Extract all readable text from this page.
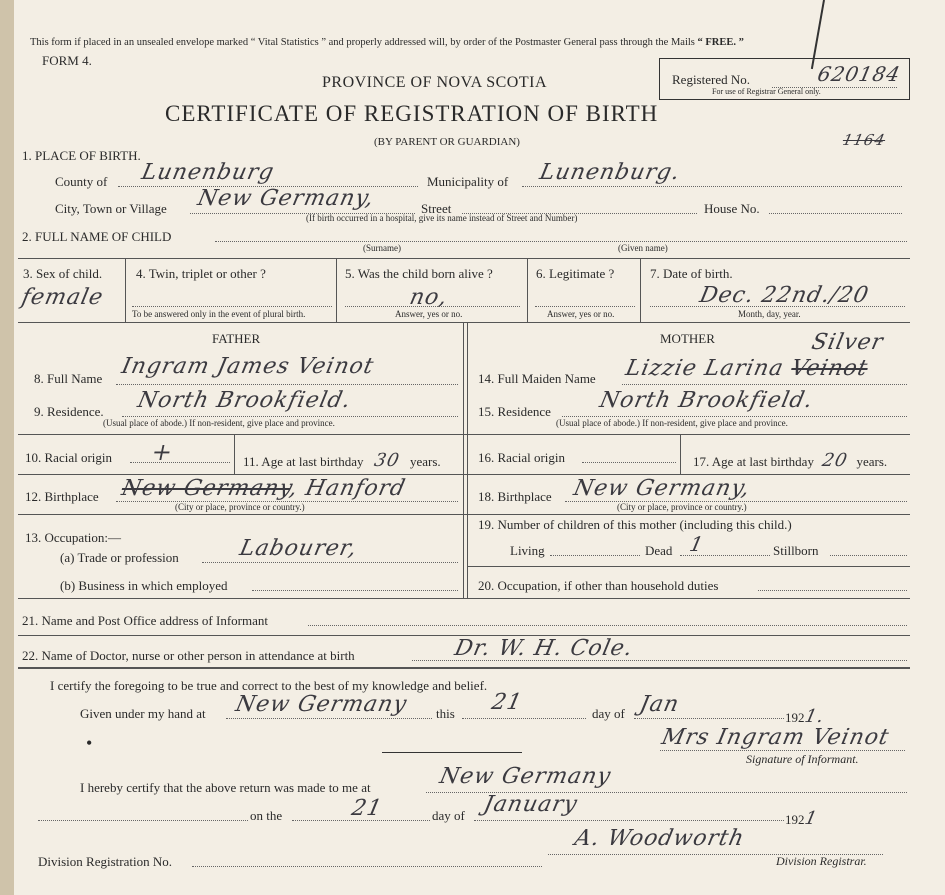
This form if placed in an unsealed envelope marked “ Vital Statistics ” and properly addressed will, by order of the Postmaster General pass through the Mails “ FREE. ”
FORM 4.
PROVINCE OF NOVA SCOTIA
CERTIFICATE OF REGISTRATION OF BIRTH
(BY PARENT OR GUARDIAN)
Registered No.	620184
For use of Registrar General only.
1164
1. PLACE OF BIRTH.
County of Lunenburg	Municipality of Lunenburg.
City, Town or Village New Germany,	Street	House No.
(If birth occurred in a hospital, give its name instead of Street and Number)
2. FULL NAME OF CHILD
(Surname)	(Given name)
3. Sex of child.
female
4. Twin, triplet or other ?
To be answered only in the event of plural birth.
5. Was the child born alive ?
no,
Answer, yes or no.
6. Legitimate ?
Answer, yes or no.
7. Date of birth.
Dec. 22nd./20
Month, day, year.
FATHER	MOTHER
8. Full Name Ingram James Veinot	14. Full Maiden Name Lizzie Larina Veinot
Silver
9. Residence. North Brookfield.
(Usual place of abode.) If non-resident, give place and province.
15. Residence North Brookfield.
(Usual place of abode.) If non-resident, give place and province.
10. Racial origin +	11. Age at last birthday 30 years.	16. Racial origin	17. Age at last birthday 20 years.
12. Birthplace New Germany, Hanford
(City or place, province or country.)
18. Birthplace New Germany,
(City or place, province or country.)
13. Occupation:—
(a) Trade or profession	Labourer,
19. Number of children of this mother (including this child.)
Living	Dead 1	Stillborn
(b) Business in which employed	20. Occupation, if other than household duties
21. Name and Post Office address of Informant
22. Name of Doctor, nurse or other person in attendance at birth	Dr. W. H. Cole.
I certify the foregoing to be true and correct to the best of my knowledge and belief.
Given under my hand at New Germany this 21	day of Jan
1921.
•	Mrs Ingram Veinot
Signature of Informant.
I hereby certify that the above return was made to me at	New Germany
on the	21	day of January
1921
A. Woodworth
Division Registration No.	Division Registrar.
